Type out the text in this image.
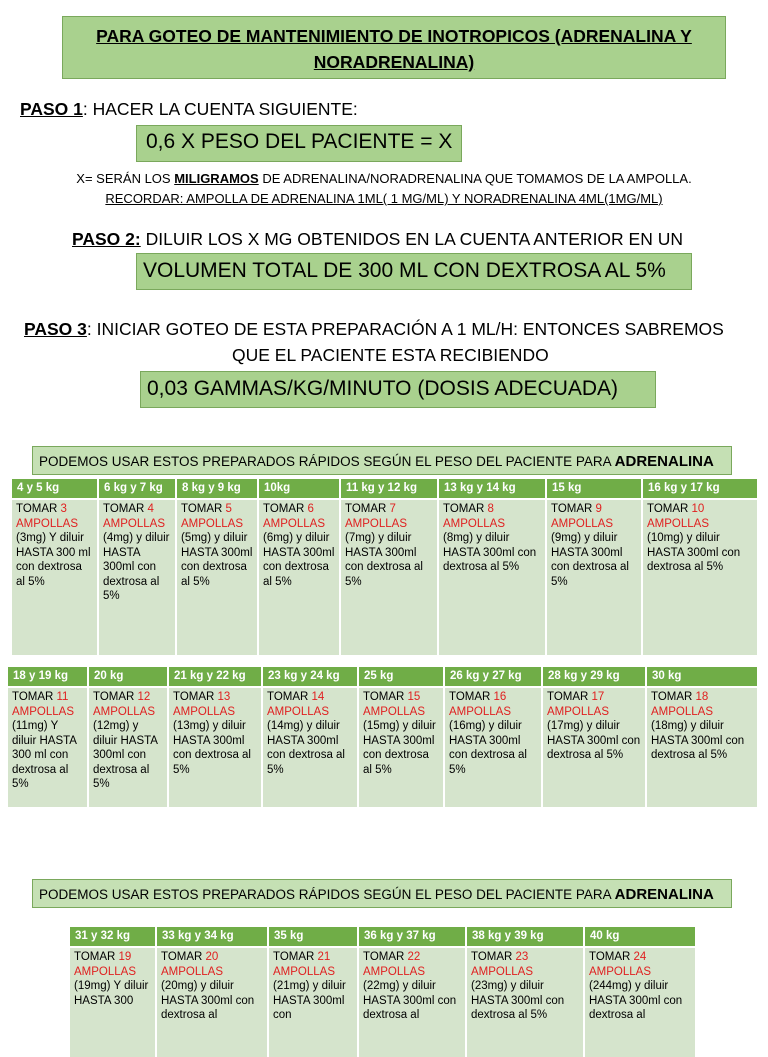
PARA GOTEO DE MANTENIMIENTO DE INOTROPICOS (ADRENALINA Y NORADRENALINA)
PASO 1: HACER LA CUENTA SIGUIENTE:
0,6 X PESO DEL PACIENTE = X
X= SERÁN LOS MILIGRAMOS DE ADRENALINA/NORADRENALINA QUE TOMAMOS DE LA AMPOLLA.
RECORDAR: AMPOLLA DE ADRENALINA 1ML( 1 MG/ML) Y NORADRENALINA 4ML(1MG/ML)
PASO 2: DILUIR LOS X MG OBTENIDOS EN LA CUENTA ANTERIOR EN UN
VOLUMEN TOTAL DE 300 ML CON DEXTROSA AL 5%
PASO 3: INICIAR GOTEO DE ESTA PREPARACIÓN A 1 ML/H: ENTONCES SABREMOS
QUE EL PACIENTE ESTA RECIBIENDO
0,03 GAMMAS/KG/MINUTO (DOSIS ADECUADA)
PODEMOS USAR ESTOS PREPARADOS RÁPIDOS SEGÚN EL PESO DEL PACIENTE PARA ADRENALINA
4 y 5 kg	6 kg y 7 kg	8 kg y 9 kg	10kg	11 kg y 12 kg	13 kg y 14 kg	15 kg	16 kg y 17 kg
TOMAR 3
AMPOLLAS
(3mg) Y diluir HASTA 300 ml con dextrosa al 5%	TOMAR 4
AMPOLLAS
(4mg) y diluir HASTA 300ml con dextrosa al 5%	TOMAR 5
AMPOLLAS
(5mg) y diluir HASTA 300ml con dextrosa al 5%	TOMAR 6
AMPOLLAS
(6mg) y diluir HASTA 300ml con dextrosa al 5%	TOMAR 7
AMPOLLAS
(7mg) y diluir HASTA 300ml con dextrosa al 5%	TOMAR 8
AMPOLLAS
(8mg) y diluir HASTA 300ml con dextrosa al 5%	TOMAR 9
AMPOLLAS
(9mg) y diluir HASTA 300ml con dextrosa al 5%	TOMAR 10
AMPOLLAS
(10mg) y diluir HASTA 300ml con dextrosa al 5%
18 y 19 kg	20 kg	21 kg y 22 kg	23 kg y 24 kg	25 kg	26 kg y 27 kg	28 kg y 29 kg	30 kg
TOMAR 11
AMPOLLAS
(11mg) Y diluir HASTA 300 ml con dextrosa al 5%	TOMAR 12
AMPOLLAS
(12mg) y diluir HASTA 300ml con dextrosa al 5%	TOMAR 13
AMPOLLAS
(13mg) y diluir HASTA 300ml con dextrosa al 5%	TOMAR 14
AMPOLLAS
(14mg) y diluir HASTA 300ml con dextrosa al 5%	TOMAR 15
AMPOLLAS
(15mg) y diluir HASTA 300ml con dextrosa al 5%	TOMAR 16
AMPOLLAS
(16mg) y diluir HASTA 300ml con dextrosa al 5%	TOMAR 17
AMPOLLAS
(17mg) y diluir HASTA 300ml con dextrosa al 5%	TOMAR 18
AMPOLLAS
(18mg) y diluir HASTA 300ml con dextrosa al 5%
PODEMOS USAR ESTOS PREPARADOS RÁPIDOS SEGÚN EL PESO DEL PACIENTE PARA ADRENALINA
31 y 32 kg	33 kg y 34 kg	35 kg	36 kg y 37 kg	38 kg y 39 kg	40 kg
TOMAR 19
AMPOLLAS
(19mg) Y diluir HASTA 300	TOMAR 20
AMPOLLAS
(20mg) y diluir HASTA 300ml con dextrosa al	TOMAR 21
AMPOLLAS
(21mg) y diluir HASTA 300ml con	TOMAR 22
AMPOLLAS
(22mg) y diluir HASTA 300ml con dextrosa al	TOMAR 23
AMPOLLAS
(23mg) y diluir HASTA 300ml con dextrosa al 5%	TOMAR 24
AMPOLLAS
(244mg) y diluir HASTA 300ml con dextrosa al
